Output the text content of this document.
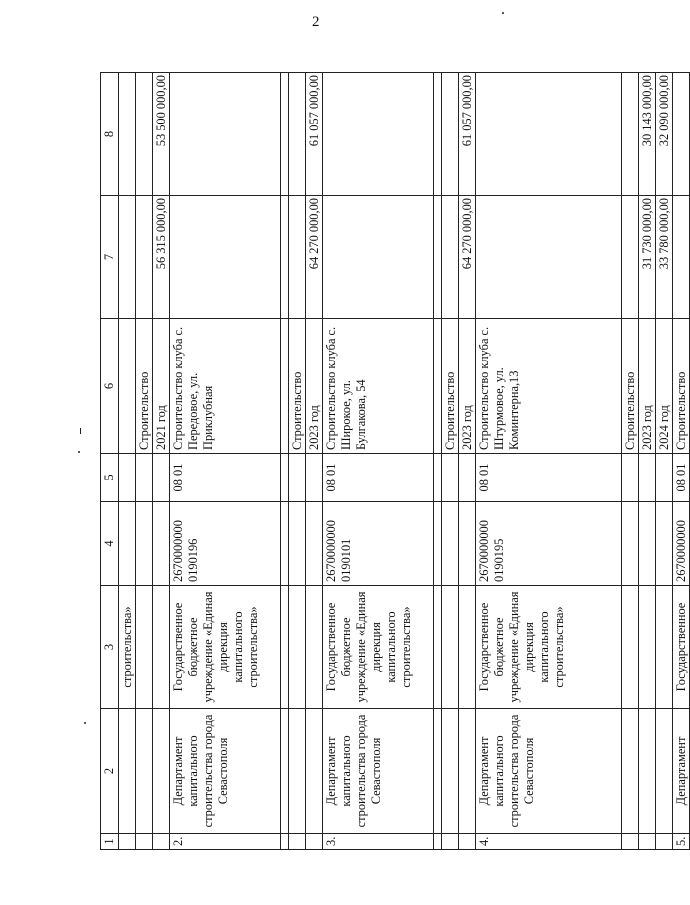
2
1	2	3	4	5	6	7	8
		строительства»					
					Строительство		
					2021 год	56 315 000,00	53 500 000,00
2.	Департамент капитального строительства города Севастополя	Государственное бюджетное учреждение «Единая дирекция капитального строительства»	2670000000 0190196	08 01	Строительство клуба с. Передовое, ул. Приклубная		

					Строительство		
					2023 год	64 270 000,00	61 057 000,00
3.	Департамент капитального строительства города Севастополя	Государственное бюджетное учреждение «Единая дирекция капитального строительства»	2670000000 0190101	08 01	Строительство клуба с. Широкое, ул. Булгакова, 54		

					Строительство		
					2023 год	64 270 000,00	61 057 000,00
4.	Департамент капитального строительства города Севастополя	Государственное бюджетное учреждение «Единая дирекция капитального строительства»	2670000000 0190195	08 01	Строительство клуба с. Штурмовое, ул. Коминтерна,13		
					Строительство		
					2023 год	31 730 000,00	30 143 000,00
					2024 год	33 780 000,00	32 090 000,00
5.	Департамент	Государственное	2670000000	08 01	Строительство		
